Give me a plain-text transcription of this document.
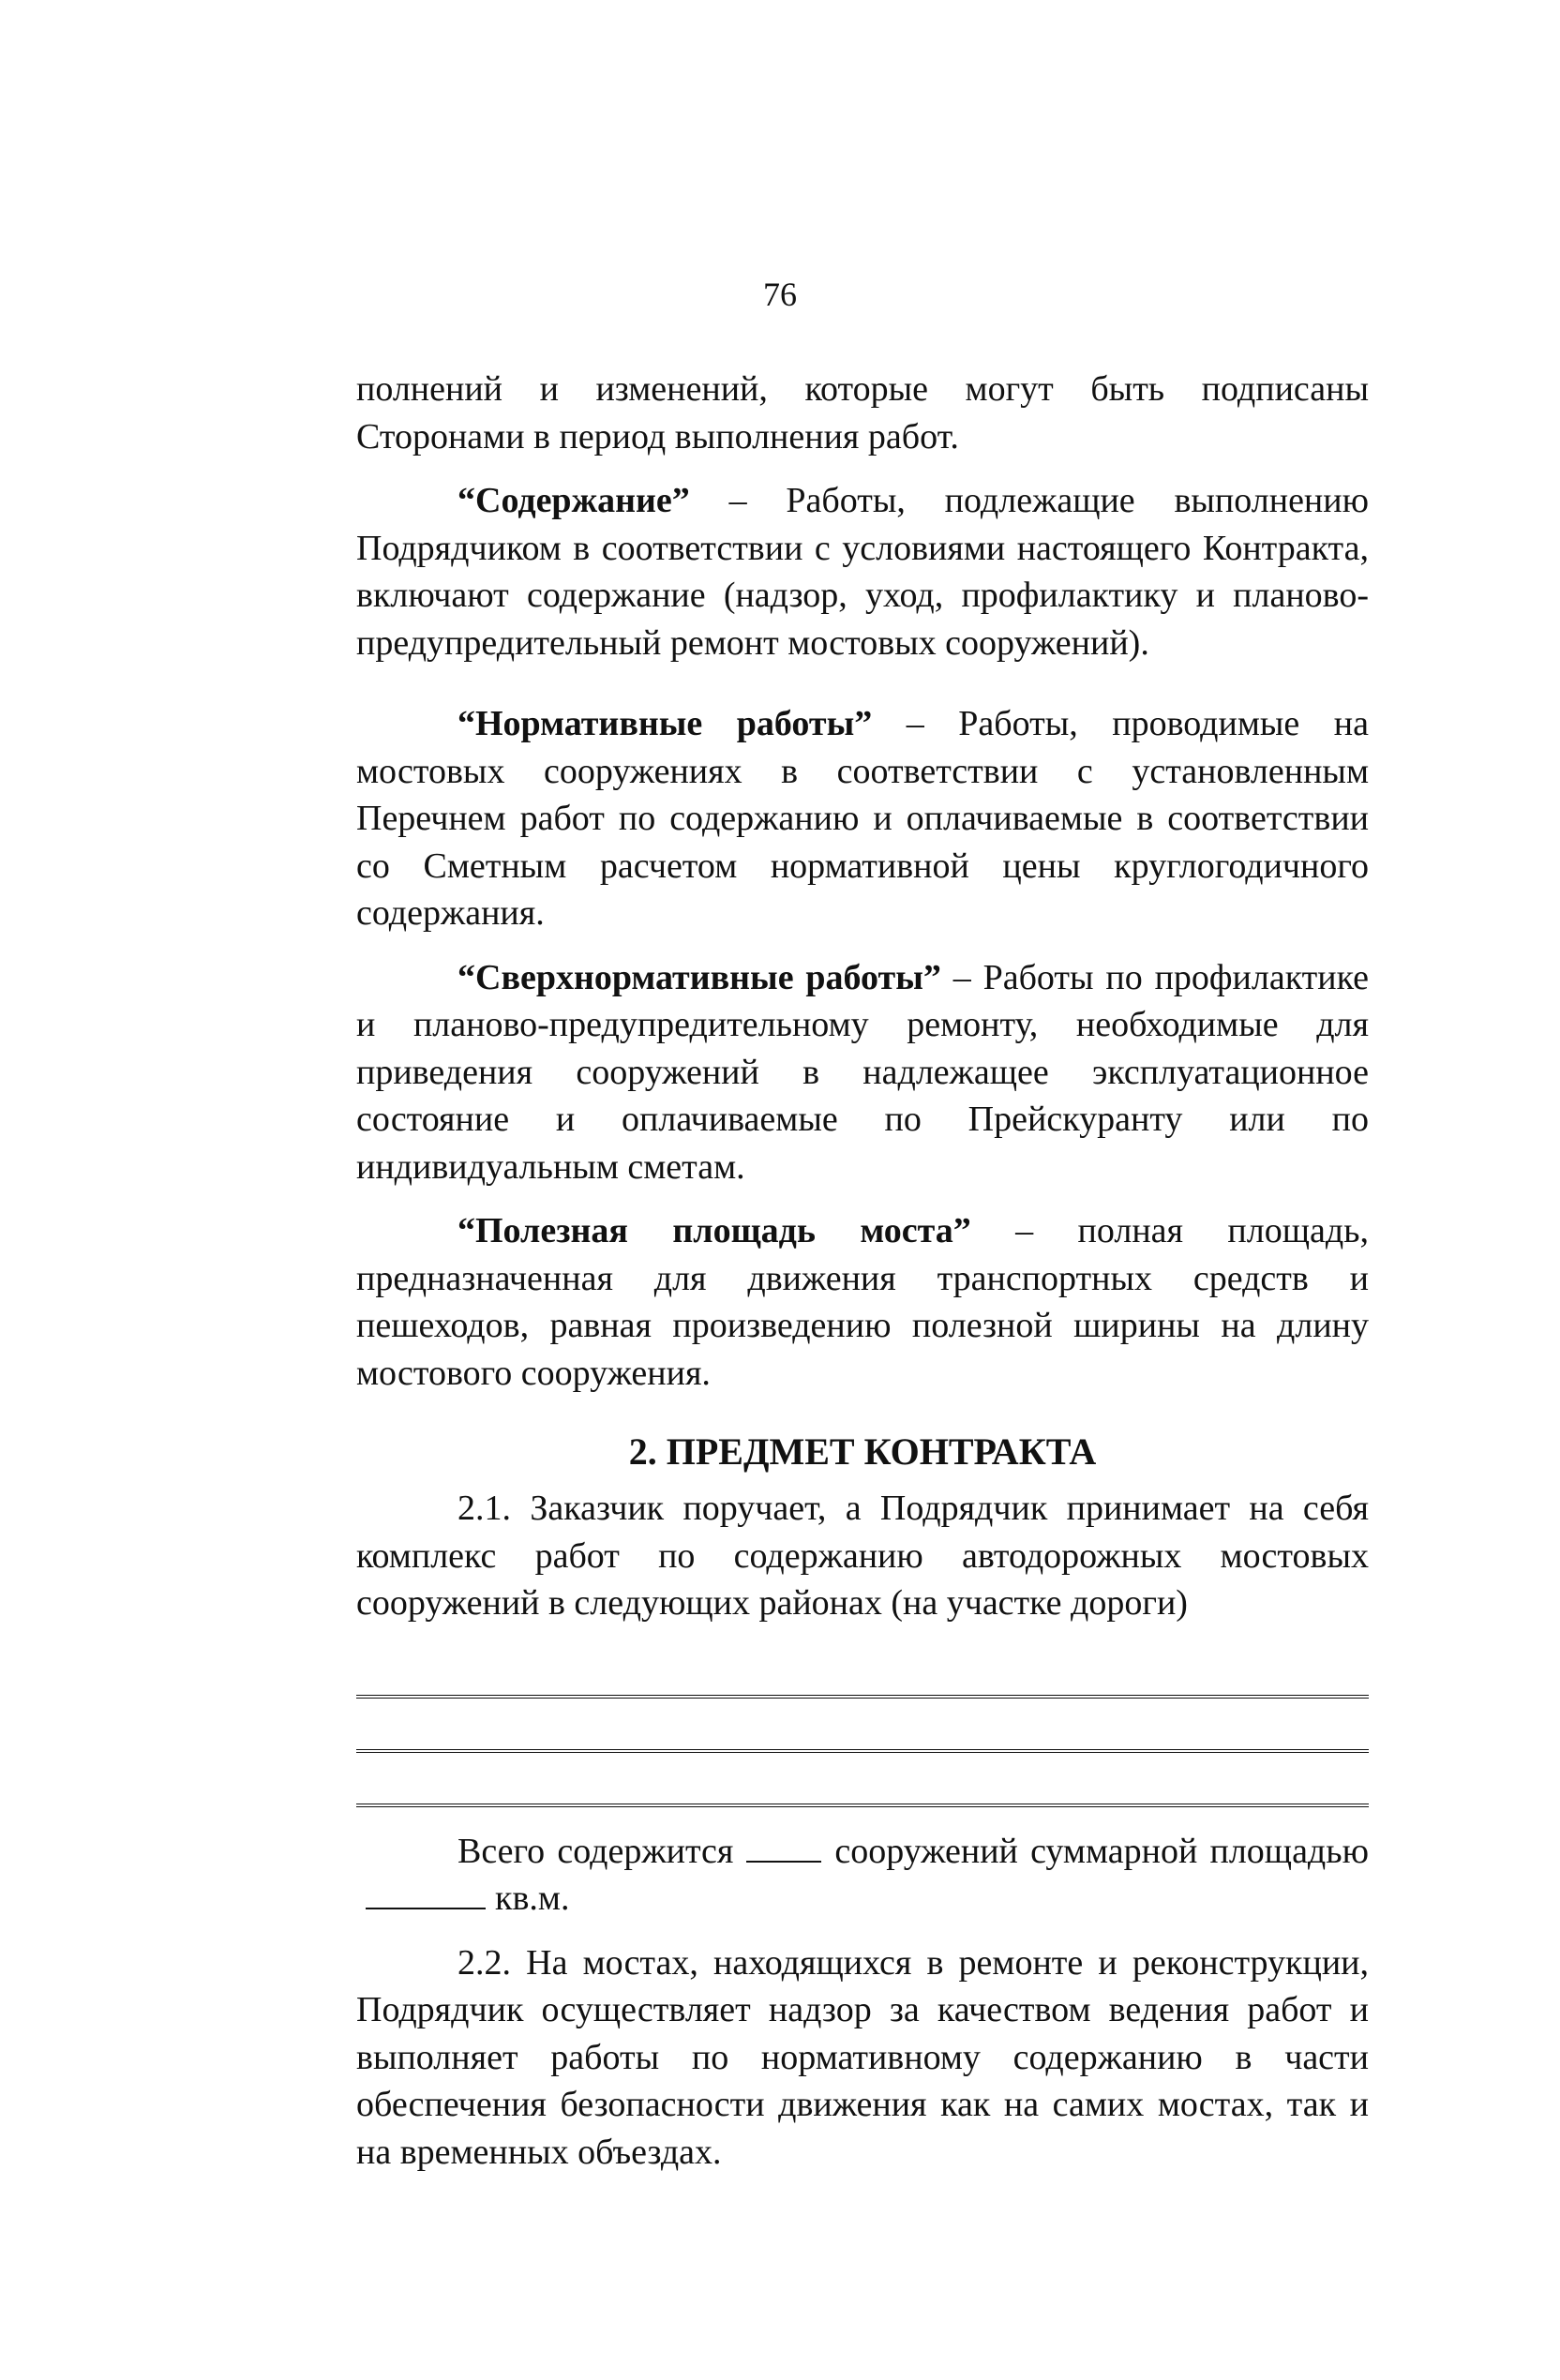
76

полнений и изменений, которые могут быть подписаны Сторонами в период выполнения работ.

“Содержание” – Работы, подлежащие выполнению Подрядчиком в соответствии с условиями настоящего Контракта, включают содержание (надзор, уход, профилактику и планово-предупредительный ремонт мостовых сооружений).

“Нормативные работы” – Работы, проводимые на мостовых сооружениях в соответствии с установленным Перечнем работ по содержанию и оплачиваемые в соответствии со Сметным расчетом нормативной цены круглогодичного содержания.

“Сверхнормативные работы” – Работы по профилактике и планово-предупредительному ремонту, необходимые для приведения сооружений в надлежащее эксплуатационное состояние и оплачиваемые по Прейскуранту или по индивидуальным сметам.

“Полезная площадь моста” – полная площадь, предназначенная для движения транспортных средств и пешеходов, равная произведению полезной ширины на длину мостового сооружения.

2. ПРЕДМЕТ КОНТРАКТА

2.1. Заказчик поручает, а Подрядчик принимает на себя комплекс работ по содержанию автодорожных мостовых сооружений в следующих районах (на участке дороги)

Всего содержится	сооружений суммарной площадьюкв.м.

2.2. На мостах, находящихся в ремонте и реконструкции, Подрядчик осуществляет надзор за качеством ведения работ и выполняет работы по нормативному содержанию в части обеспечения безопасности движения как на самих мостах, так и на временных объездах.
